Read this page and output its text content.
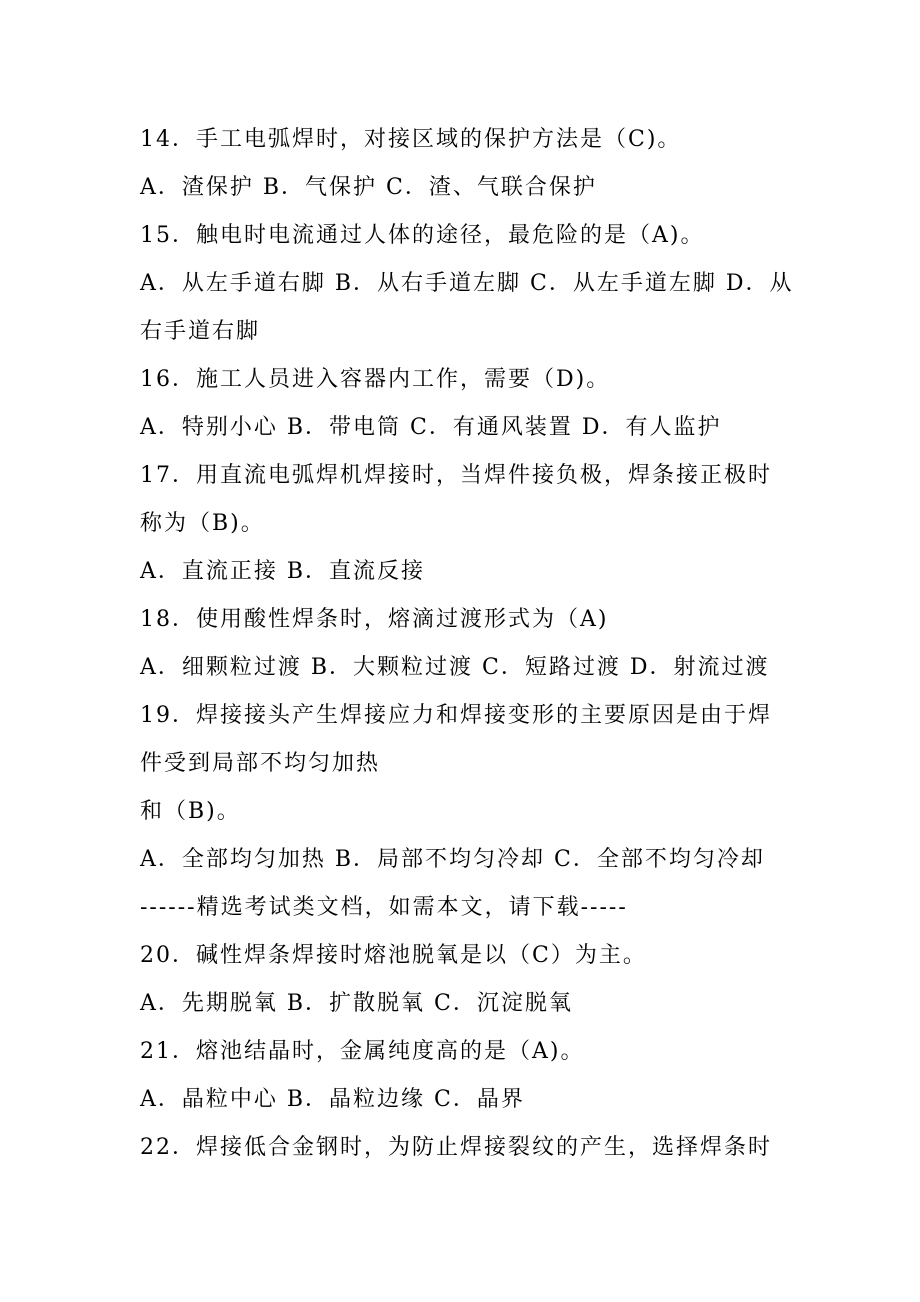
14．手工电弧焊时，对接区域的保护方法是（C)。
A．渣保护 B．气保护 C．渣、气联合保护
15．触电时电流通过人体的途径，最危险的是（A)。
A．从左手道右脚 B．从右手道左脚 C．从左手道左脚 D．从
右手道右脚
16．施工人员进入容器内工作，需要（D)。
A．特别小心 B．带电筒 C．有通风装置 D．有人监护
17．用直流电弧焊机焊接时，当焊件接负极，焊条接正极时
称为（B)。
A．直流正接 B．直流反接
18．使用酸性焊条时，熔滴过渡形式为（A)
A．细颗粒过渡 B．大颗粒过渡 C．短路过渡 D．射流过渡
19．焊接接头产生焊接应力和焊接变形的主要原因是由于焊
件受到局部不均匀加热
和（B)。
A．全部均匀加热 B．局部不均匀冷却 C．全部不均匀冷却
------精选考试类文档，如需本文，请下载-----
20．碱性焊条焊接时熔池脱氧是以（C）为主。
A．先期脱氧 B．扩散脱氧 C．沉淀脱氧
21．熔池结晶时，金属纯度高的是（A)。
A．晶粒中心 B．晶粒边缘 C．晶界
22．焊接低合金钢时，为防止焊接裂纹的产生，选择焊条时
